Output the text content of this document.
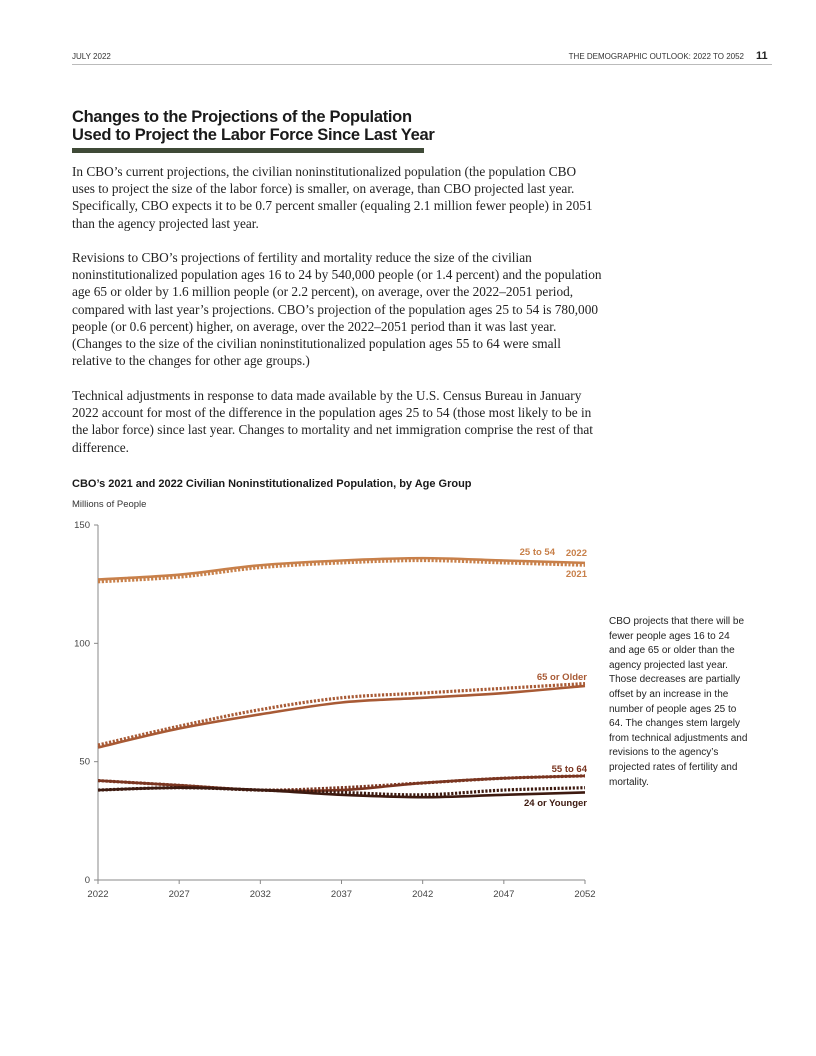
JULY 2022	THE DEMOGRAPHIC OUTLOOK: 2022 TO 2052 11
Changes to the Projections of the Population
Used to Project the Labor Force Since Last Year

In CBO’s current projections, the civilian noninstitutionalized population (the population CBO uses to project the size of the labor force) is smaller, on average, than CBO projected last year. Specifically, CBO expects it to be 0.7 percent smaller (equaling 2.1 million fewer people) in 2051 than the agency projected last year.

Revisions to CBO’s projections of fertility and mortality reduce the size of the civilian noninstitutionalized population ages 16 to 24 by 540,000 people (or 1.4 percent) and the population age 65 or older by 1.6 million people (or 2.2 percent), on average, over the 2022–2051 period, compared with last year’s projections. CBO’s projection of the population ages 25 to 54 is 780,000 people (or 0.6 percent) higher, on average, over the 2022–2051 period than it was last year. (Changes to the size of the civilian noninstitutionalized population ages 55 to 64 were small relative to the changes for other age groups.)

Technical adjustments in response to data made available by the U.S. Census Bureau in January 2022 account for most of the difference in the population ages 25 to 54 (those most likely to be in the labor force) since last year. Changes to mortality and net immigration comprise the rest of that difference.

CBO’s 2021 and 2022 Civilian Noninstitutionalized Population, by Age Group
Millions of People
CBO projects that there will be fewer people ages 16 to 24 and age 65 or older than the agency projected last year. Those decreases are partially offset by an increase in the number of people ages 25 to 64. The changes stem largely from technical adjustments and revisions to the agency’s projected rates of fertility and mortality.
0
50
100
150
2022	2027	2032	2037	2042	2047	2052
25 to 54 2022
2021
65 or Older
55 to 64
24 or Younger
